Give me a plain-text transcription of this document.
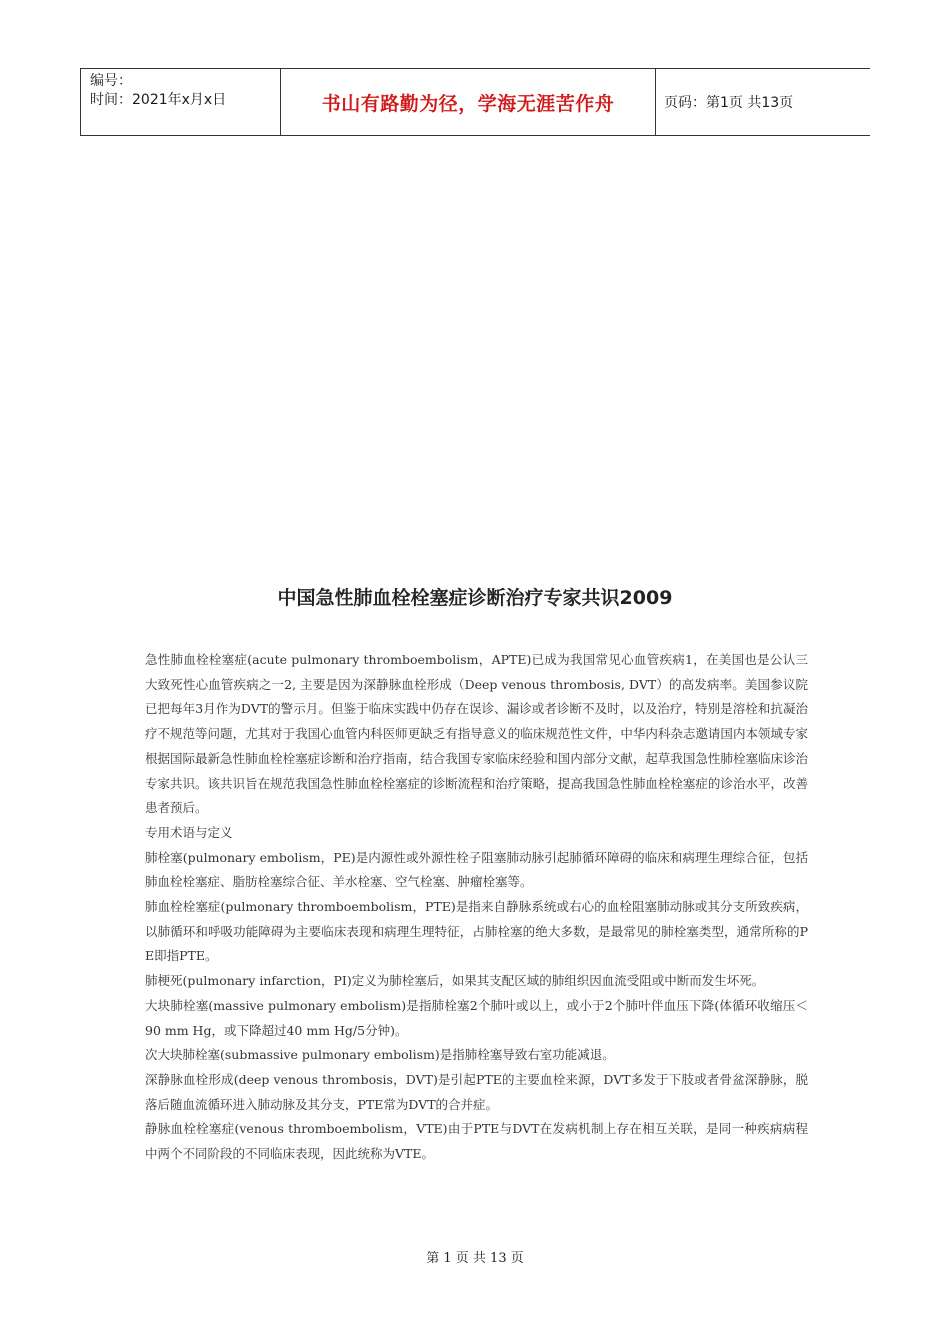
编号：
时间：2021年x月x日	书山有路勤为径，学海无涯苦作舟	页码：第1页 共13页
中国急性肺血栓栓塞症诊断治疗专家共识2009

急性肺血栓栓塞症(acute pulmonary thromboembolism，APTE)已成为我国常见心血管疾病1，在美国也是公认三大致死性心血管疾病之一2, 主要是因为深静脉血栓形成（Deep venous thrombosis, DVT）的高发病率。美国参议院已把每年3月作为DVT的警示月。但鉴于临床实践中仍存在误诊、漏诊或者诊断不及时，以及治疗，特别是溶栓和抗凝治疗不规范等问题，尤其对于我国心血管内科医师更缺乏有指导意义的临床规范性文件，中华内科杂志邀请国内本领域专家根据国际最新急性肺血栓栓塞症诊断和治疗指南，结合我国专家临床经验和国内部分文献，起草我国急性肺栓塞临床诊治专家共识。该共识旨在规范我国急性肺血栓栓塞症的诊断流程和治疗策略，提高我国急性肺血栓栓塞症的诊治水平，改善患者预后。

专用术语与定义

肺栓塞(pulmonary embolism，PE)是内源性或外源性栓子阻塞肺动脉引起肺循环障碍的临床和病理生理综合征，包括肺血栓栓塞症、脂肪栓塞综合征、羊水栓塞、空气栓塞、肿瘤栓塞等。

肺血栓栓塞症(pulmonary thromboembolism，PTE)是指来自静脉系统或右心的血栓阻塞肺动脉或其分支所致疾病，以肺循环和呼吸功能障碍为主要临床表现和病理生理特征，占肺栓塞的绝大多数，是最常见的肺栓塞类型，通常所称的PE即指PTE。

肺梗死(pulmonary infarction，PI)定义为肺栓塞后，如果其支配区域的肺组织因血流受阻或中断而发生坏死。

大块肺栓塞(massive pulmonary embolism)是指肺栓塞2个肺叶或以上，或小于2个肺叶伴血压下降(体循环收缩压＜90 mm Hg，或下降超过40 mm Hg/5分钟)。

次大块肺栓塞(submassive pulmonary embolism)是指肺栓塞导致右室功能减退。

深静脉血栓形成(deep venous thrombosis，DVT)是引起PTE的主要血栓来源，DVT多发于下肢或者骨盆深静脉，脱落后随血流循环进入肺动脉及其分支，PTE常为DVT的合并症。

静脉血栓栓塞症(venous thromboembolism，VTE)由于PTE与DVT在发病机制上存在相互关联，是同一种疾病病程中两个不同阶段的不同临床表现，因此统称为VTE。

第 1 页 共 13 页
